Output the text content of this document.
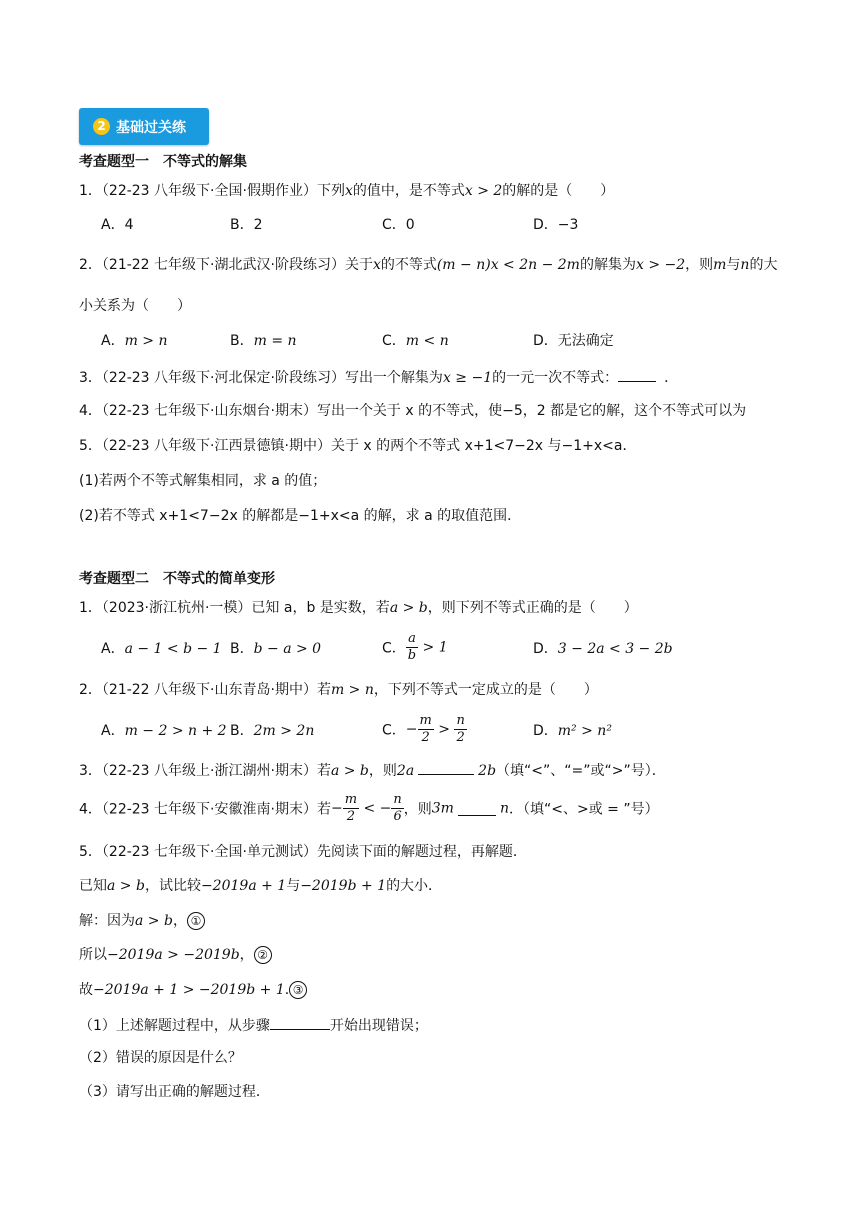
2 基础过关练
考查题型一　不等式的解集
1．（22-23 八年级下·全国·假期作业）下列x的值中，是不等式x > 2的解的是（　　）
A．4	B．2	C．0	D．−3
2．（21-22 七年级下·湖北武汉·阶段练习）关于x的不等式(m − n)x < 2n − 2m的解集为x > −2，则m与n的大
小关系为（　　）
A．m > n	B．m = n	C．m < n	D．无法确定
3．（22-23 八年级下·河北保定·阶段练习）写出一个解集为x ≥ −1的一元一次不等式：	．
4．（22-23 七年级下·山东烟台·期末）写出一个关于 x 的不等式，使−5，2 都是它的解，这个不等式可以为
5．（22-23 八年级下·江西景德镇·期中）关于 x 的两个不等式 x+1<7−2x 与−1+x<a．
(1)若两个不等式解集相同，求 a 的值；
(2)若不等式 x+1<7−2x 的解都是−1+x<a 的解，求 a 的取值范围．
考查题型二　不等式的简单变形
1．（2023·浙江杭州·一模）已知 a，b 是实数，若a > b，则下列不等式正确的是（　　）
A．a − 1 < b − 1 B．b − a > 0	C． $\frac{a}{b} > 1$	D．3 − 2a < 3 − 2b
2．（21-22 八年级下·山东青岛·期中）若m > n，下列不等式一定成立的是（　　）
A．m − 2 > n + 2 B．2m > 2n	C．− $\frac{m}{2} > \frac{n}{2}$	D．m² > n²
3．（22-23 八年级上·浙江湖州·期末）若a > b，则2a	2b（填“<”、“=”或“>”号）．
4．（22-23 七年级下·安徽淮南·期末）若− $\frac{m}{2}$ < − $\frac{n}{6}$ ，则3m	n．（填“<、>或 = ”号）
5．（22-23 七年级下·全国·单元测试）先阅读下面的解题过程，再解题．
已知a > b，试比较−2019a + 1与−2019b + 1的大小．
解：因为a > b， ①
所以−2019a > −2019b， ②
故−2019a + 1 > −2019b + 1. ③
（1）上述解题过程中，从步骤	开始出现错误；
（2）错误的原因是什么？
（3）请写出正确的解题过程．
